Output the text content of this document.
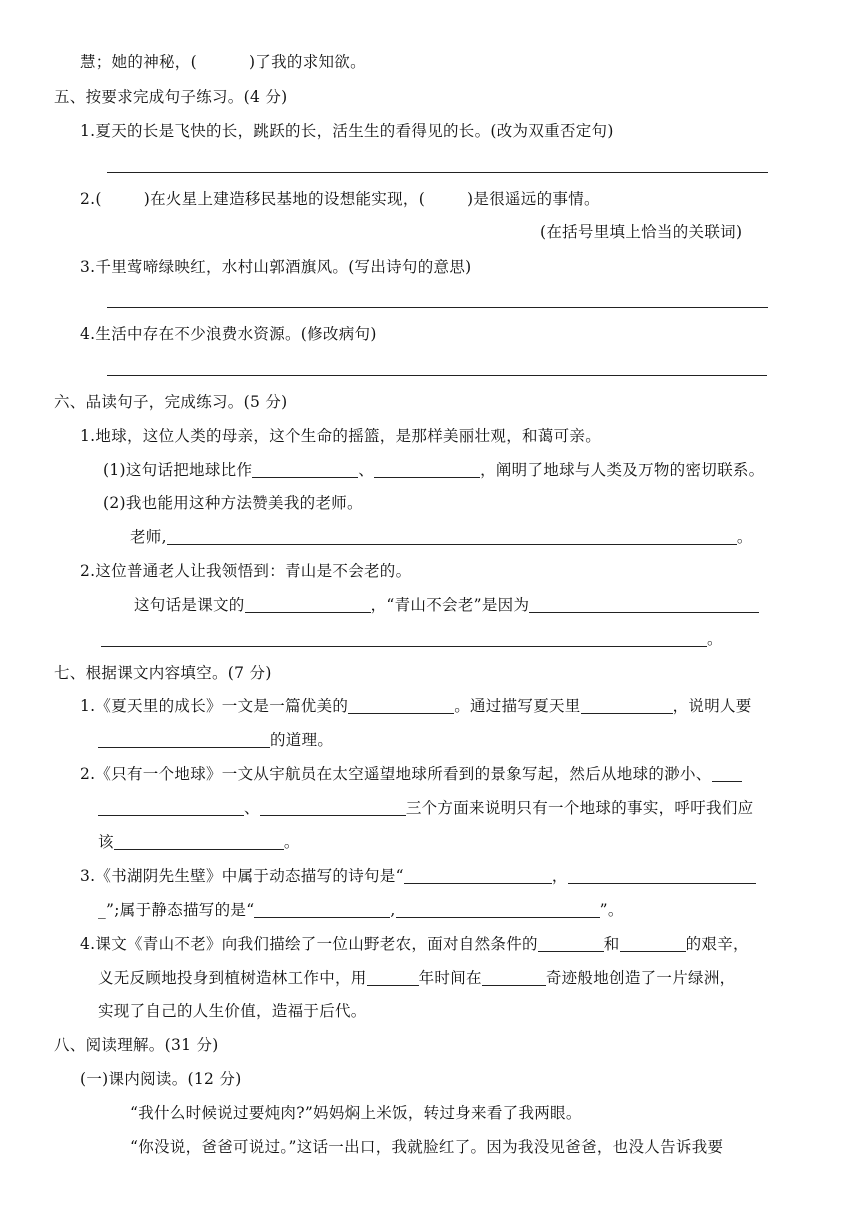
慧；她的神秘，(	)了我的求知欲。
五、按要求完成句子练习。(4 分)
1.夏天的长是飞快的长，跳跃的长，活生生的看得见的长。(改为双重否定句)
2.(	)在火星上建造移民基地的设想能实现，(	)是很遥远的事情。
(在括号里填上恰当的关联词)
3.千里莺啼绿映红，水村山郭酒旗风。(写出诗句的意思)
4.生活中存在不少浪费水资源。(修改病句)
六、品读句子，完成练习。(5 分)
1.地球，这位人类的母亲，这个生命的摇篮，是那样美丽壮观，和蔼可亲。
(1)这句话把地球比作	、	，阐明了地球与人类及万物的密切联系。
(2)我也能用这种方法赞美我的老师。
老师,	。
2.这位普通老人让我领悟到：青山是不会老的。
这句话是课文的	，“青山不会老”是因为
。
七、根据课文内容填空。(7 分)
1.《夏天里的成长》一文是一篇优美的	。通过描写夏天里	，说明人要
的道理。
2.《只有一个地球》一文从宇航员在太空遥望地球所看到的景象写起，然后从地球的渺小、
、	三个方面来说明只有一个地球的事实，呼吁我们应
该	。
3.《书湖阴先生壁》中属于动态描写的诗句是“	，
_”;属于静态描写的是“	,	”。
4.课文《青山不老》向我们描绘了一位山野老农，面对自然条件的	和	的艰辛，
义无反顾地投身到植树造林工作中，用	年时间在	奇迹般地创造了一片绿洲，
实现了自己的人生价值，造福于后代。
八、阅读理解。(31 分)
(一)课内阅读。(12 分)
“我什么时候说过要炖肉?”妈妈焖上米饭，转过身来看了我两眼。
“你没说，爸爸可说过。”这话一出口，我就脸红了。因为我没见爸爸，也没人告诉我要
